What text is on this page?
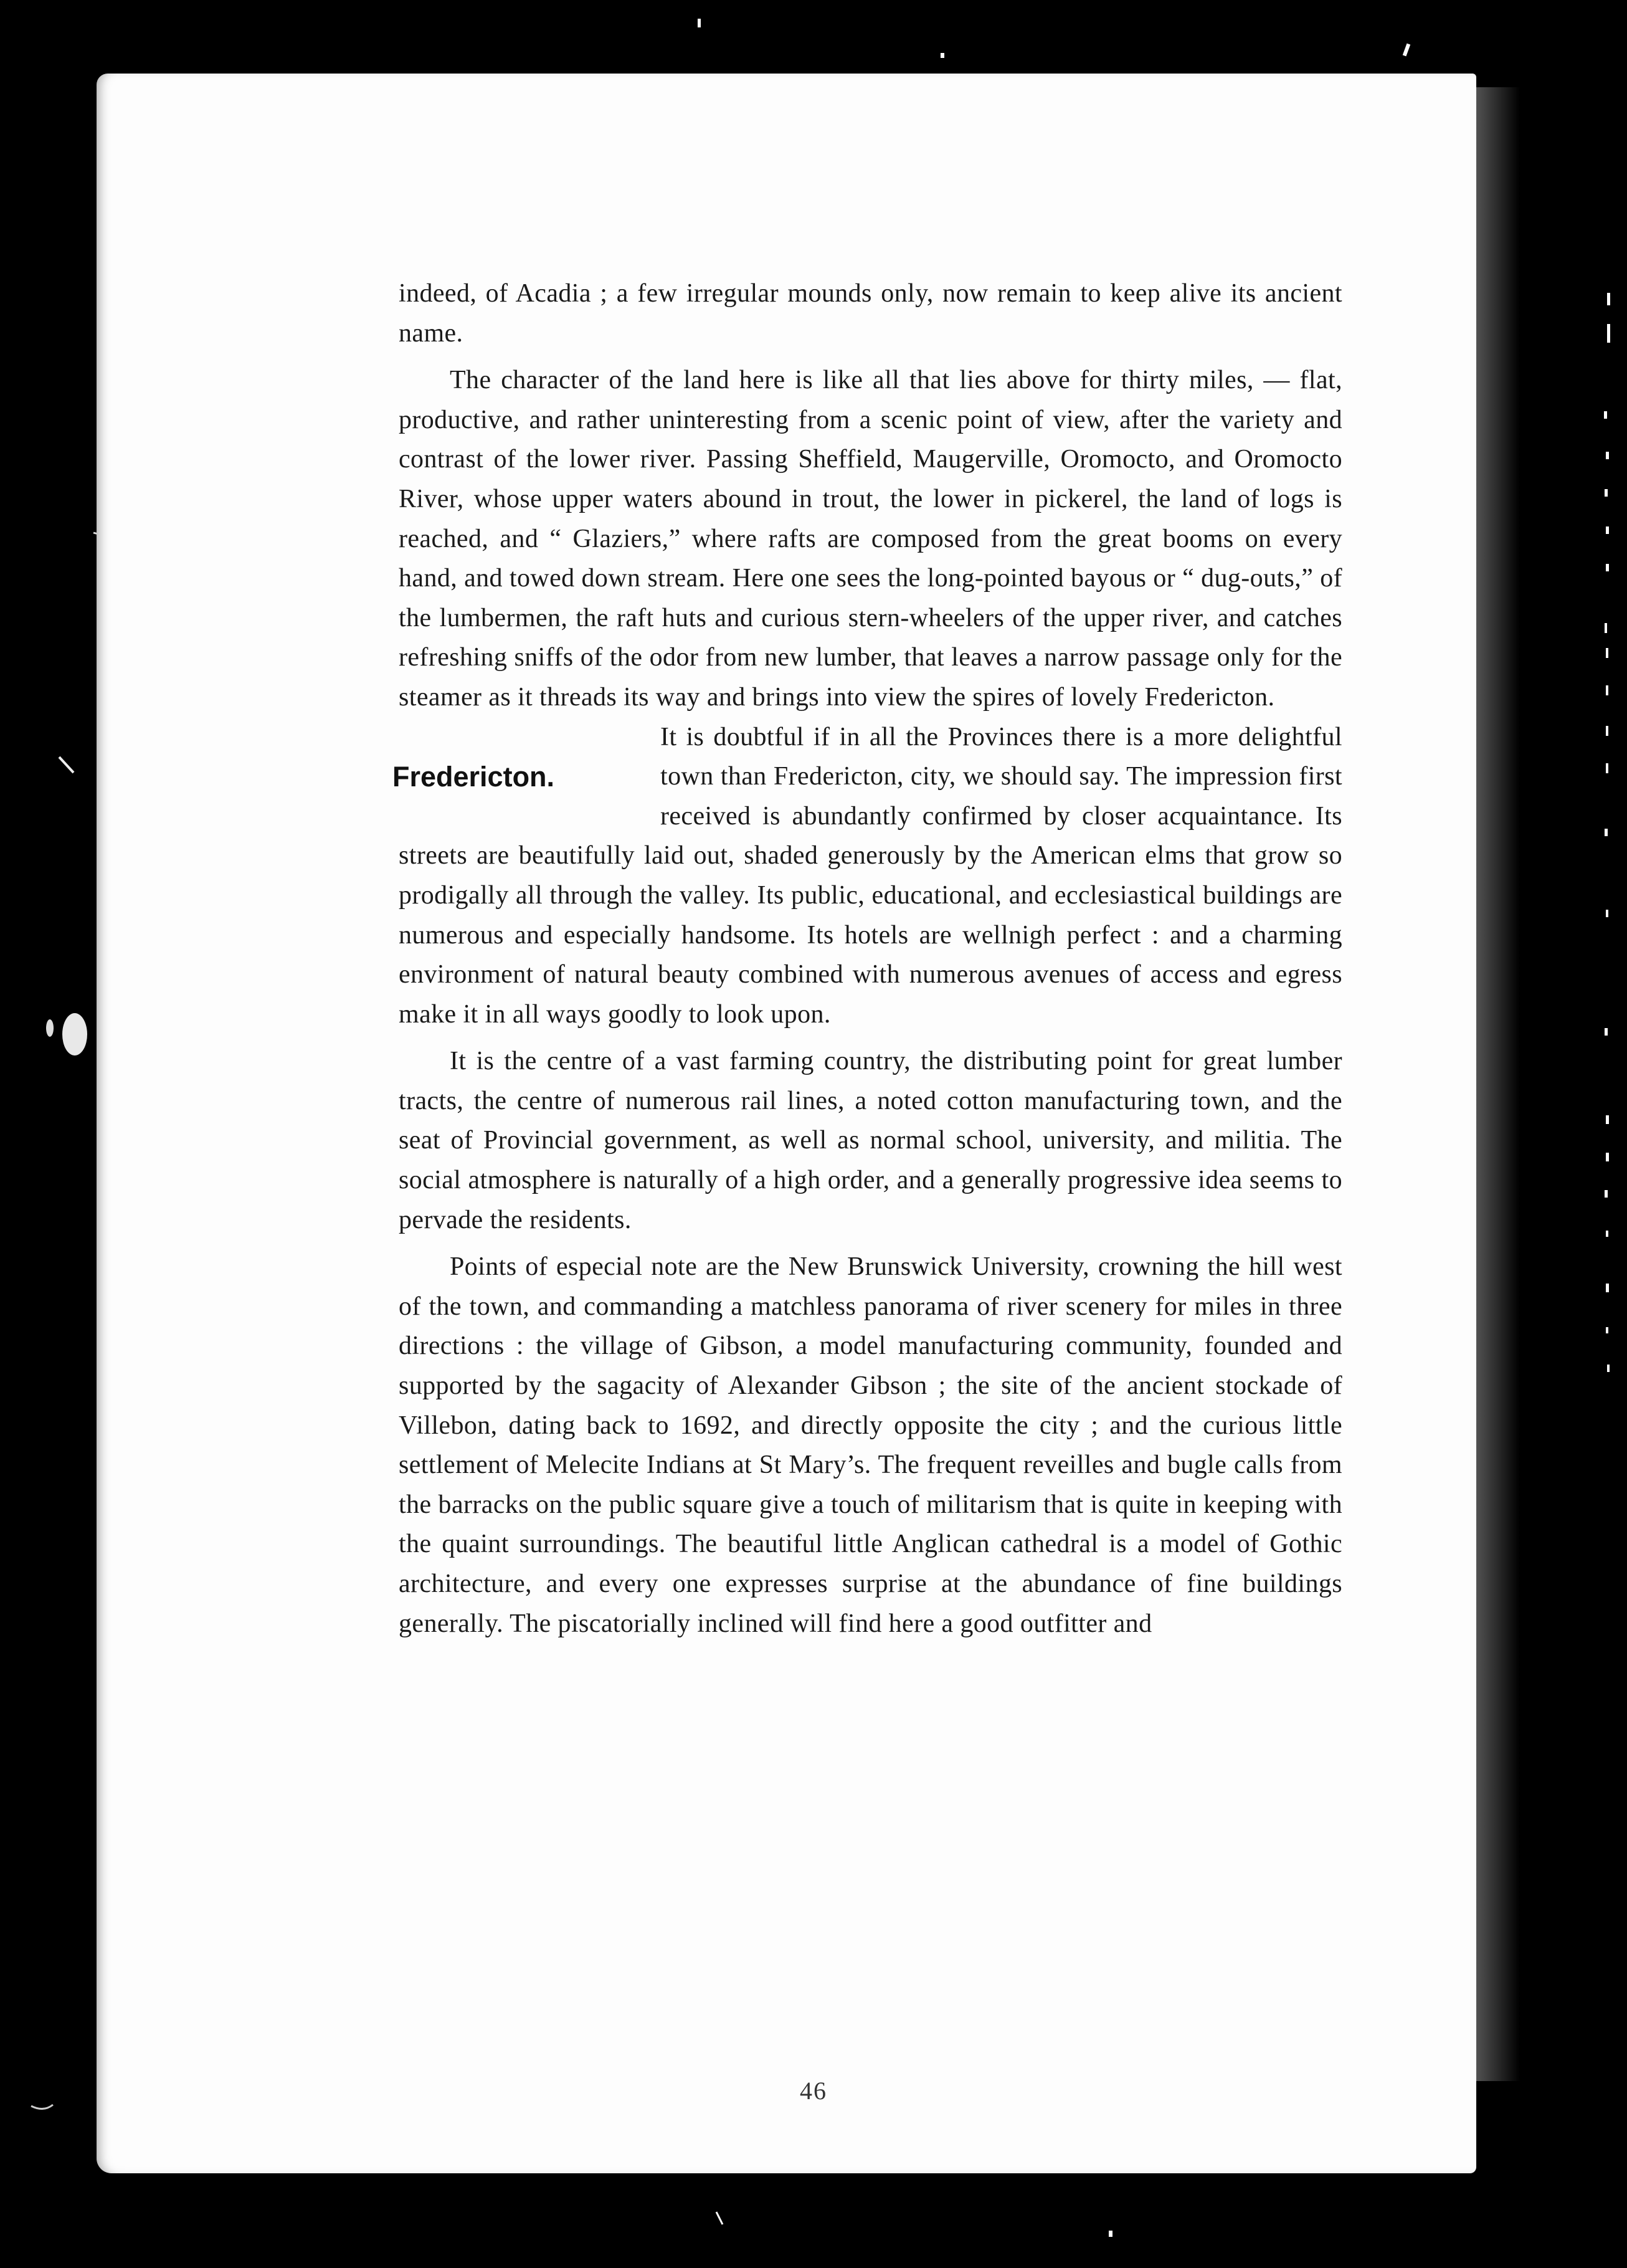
indeed, of Acadia ; a few irregular mounds only, now remain to keep alive its ancient name.

The character of the land here is like all that lies above for thirty miles, — flat, productive, and rather uninteresting from a scenic point of view, after the variety and contrast of the lower river. Passing Sheffield, Maugerville, Oromocto, and Oromocto River, whose upper waters abound in trout, the lower in pickerel, the land of logs is reached, and “ Glaziers,” where rafts are composed from the great booms on every hand, and towed down stream. Here one sees the long-pointed bayous or “ dug-outs,” of the lumbermen, the raft huts and curious stern-wheelers of the upper river, and catches refreshing sniffs of the odor from new lumber, that leaves a narrow passage only for the steamer as it threads its way and brings into view the spires of lovely Fredericton.

Fredericton.

It is doubtful if in all the Provinces there is a more delightful town than Fredericton, city, we should say. The impression first received is abundantly confirmed by closer acquaintance. Its streets are beautifully laid out, shaded generously by the American elms that grow so prodigally all through the valley. Its public, educational, and ecclesiastical buildings are numerous and especially handsome. Its hotels are wellnigh perfect : and a charming environment of natural beauty combined with numerous avenues of access and egress make it in all ways goodly to look upon.

It is the centre of a vast farming country, the distributing point for great lumber tracts, the centre of numerous rail lines, a noted cotton manufacturing town, and the seat of Provincial government, as well as normal school, university, and militia. The social atmosphere is naturally of a high order, and a generally progressive idea seems to pervade the residents.

Points of especial note are the New Brunswick University, crowning the hill west of the town, and commanding a matchless panorama of river scenery for miles in three directions : the village of Gibson, a model manufacturing community, founded and supported by the sagacity of Alexander Gibson ; the site of the ancient stockade of Villebon, dating back to 1692, and directly opposite the city ; and the curious little settlement of Melecite Indians at St Mary’s. The frequent reveilles and bugle calls from the barracks on the public square give a touch of militarism that is quite in keeping with the quaint surroundings. The beautiful little Anglican cathedral is a model of Gothic architecture, and every one expresses surprise at the abundance of fine buildings generally. The piscatorially inclined will find here a good outfitter and

46
